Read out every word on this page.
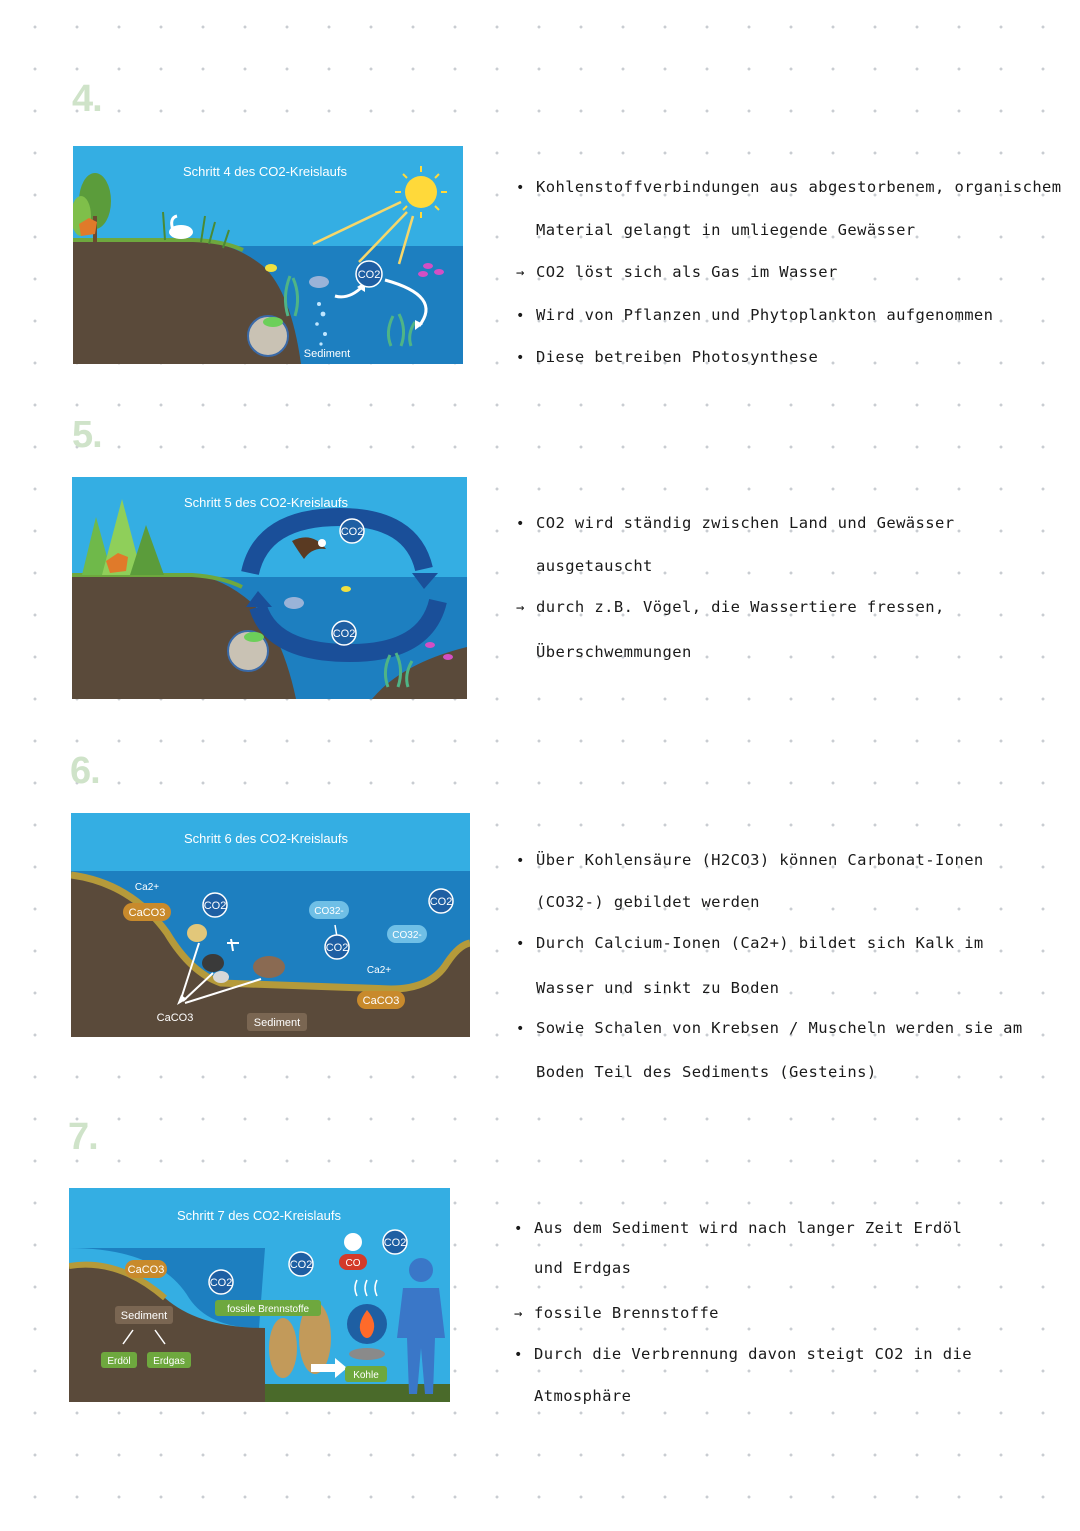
4.
CO2
Sediment
Schritt 4 des CO2-Kreislaufs
• Kohlenstoffverbindungen aus abgestorbenem, organischem
Material gelangt in umliegende Gewässer
→ CO2 löst sich als Gas im Wasser
• Wird von Pflanzen und Phytoplankton aufgenommen
• Diese betreiben Photosynthese
5.
CO2
CO2
Schritt 5 des CO2-Kreislaufs
• CO2 wird ständig zwischen Land und Gewässer
ausgetauscht
→ durch z.B. Vögel, die Wassertiere fressen,
Überschwemmungen
6.
CaCO3
Ca2+
CO2	CO32-
CO2
CO32-
CO2
Ca2+
CaCO3
CaCO3	Sediment
Schritt 6 des CO2-Kreislaufs
• Über Kohlensäure (H2CO3) können Carbonat-Ionen
(CO32-) gebildet werden
• Durch Calcium-Ionen (Ca2+) bildet sich Kalk im
Wasser und sinkt zu Boden
• Sowie Schalen von Krebsen / Muscheln werden sie am
Boden Teil des Sediments (Gesteins)
7.
CaCO3
CO2
CO2	CO
CO2
Sediment
Erdöl Erdgas
fossile Brennstoffe
Kohle
Schritt 7 des CO2-Kreislaufs
• Aus dem Sediment wird nach langer Zeit Erdöl
und Erdgas
→ fossile Brennstoffe
• Durch die Verbrennung davon steigt CO2 in die
Atmosphäre
